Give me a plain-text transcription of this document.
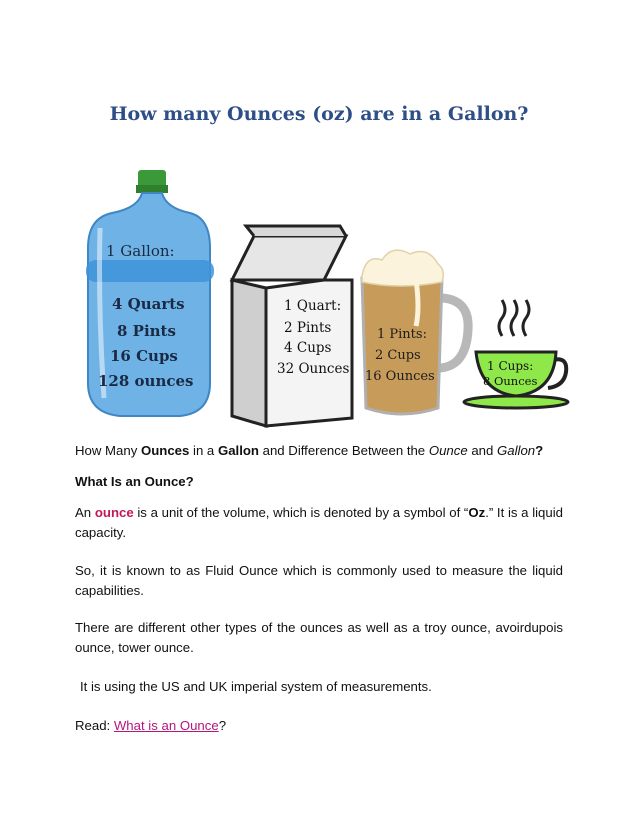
How many Ounces (oz) are in a Gallon?
1 Gallon:
4 Quarts
8 Pints
16 Cups
128 ounces
1 Quart:
2 Pints
4 Cups
32 Ounces
1 Pints:
2 Cups
16 Ounces
1 Cups:
8 Ounces

How Many Ounces in a Gallon and Difference Between the Ounce and Gallon?

What Is an Ounce?

An ounce is a unit of the volume, which is denoted by a symbol of “Oz.” It is a liquid capacity.

So, it is known to as Fluid Ounce which is commonly used to measure the liquid capabilities.

There are different other types of the ounces as well as a troy ounce, avoirdupois ounce, tower ounce.

It is using the US and UK imperial system of measurements.

Read: What is an Ounce?
